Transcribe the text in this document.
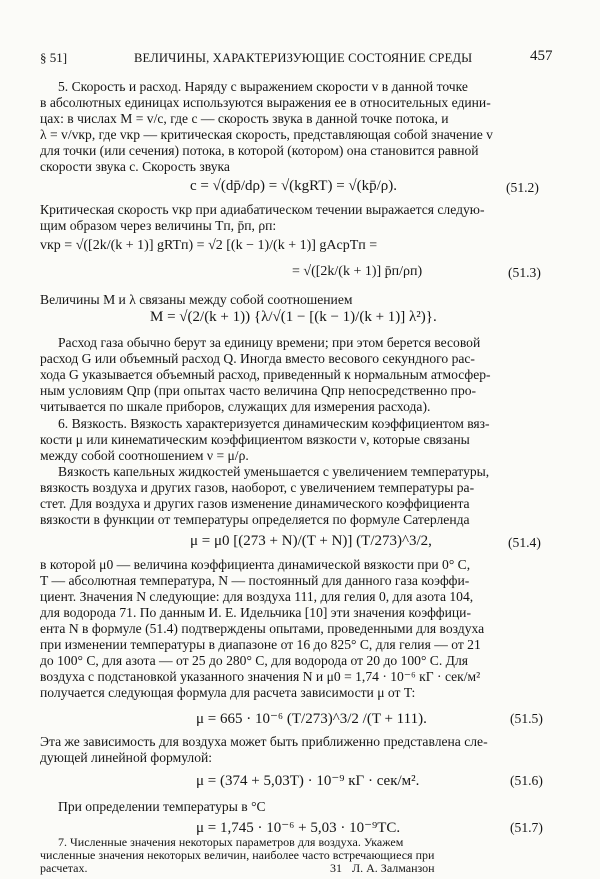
§ 51]	ВЕЛИЧИНЫ, ХАРАКТЕРИЗУЮЩИЕ СОСТОЯНИЕ СРЕДЫ	457
5. Скорость и расход. Наряду с выражением скорости v в данной точке
в абсолютных единицах используются выражения ее в относительных едини-
цах: в числах M = v/c, где c — скорость звука в данной точке потока, и
λ = v/vкр, где vкр — критическая скорость, представляющая собой значение v
для точки (или сечения) потока, в которой (котором) она становится равной
скорости звука c. Скорость звука
c = √(dp̄/dρ) = √(kgRT) = √(kp̄/ρ).	(51.2)
Критическая скорость vкр при адиабатическом течении выражается следую-
щим образом через величины Tп, p̄п, ρп:
vкр = √([2k/(k + 1)] gRTп) = √2 [(k − 1)/(k + 1)] gAcpTп =
= √([2k/(k + 1)] p̄п/ρп)	(51.3)
Величины M и λ связаны между собой соотношением
M = √(2/(k + 1)) {λ/√(1 − [(k − 1)/(k + 1)] λ²)}.
Расход газа обычно берут за единицу времени; при этом берется весовой
расход G или объемный расход Q. Иногда вместо весового секундного рас-
хода G указывается объемный расход, приведенный к нормальным атмосфер-
ным условиям Qпр (при опытах часто величина Qпр непосредственно про-
читывается по шкале приборов, служащих для измерения расхода).
6. Вязкость. Вязкость характеризуется динамическим коэффициентом вяз-
кости μ или кинематическим коэффициентом вязкости ν, которые связаны
между собой соотношением ν = μ/ρ.
Вязкость капельных жидкостей уменьшается с увеличением температуры,
вязкость воздуха и других газов, наоборот, с увеличением температуры ра-
стет. Для воздуха и других газов изменение динамического коэффициента
вязкости в функции от температуры определяется по формуле Сатерленда
μ = μ0 [(273 + N)/(T + N)] (T/273)^3/2,	(51.4)
в которой μ0 — величина коэффициента динамической вязкости при 0° C,
T — абсолютная температура, N — постоянный для данного газа коэффи-
циент. Значения N следующие: для воздуха 111, для гелия 0, для азота 104,
для водорода 71. По данным И. Е. Идельчика [10] эти значения коэффици-
ента N в формуле (51.4) подтверждены опытами, проведенными для воздуха
при изменении температуры в диапазоне от 16 до 825° C, для гелия — от 21
до 100° C, для азота — от 25 до 280° C, для водорода от 20 до 100° C. Для
воздуха с подстановкой указанного значения N и μ0 = 1,74 · 10⁻⁶ кГ · сек/м²
получается следующая формула для расчета зависимости μ от T:
μ = 665 · 10⁻⁶ (T/273)^3/2 /(T + 111).	(51.5)
Эта же зависимость для воздуха может быть приближенно представлена сле-
дующей линейной формулой:
μ = (374 + 5,03T) · 10⁻⁹ кГ · сек/м².	(51.6)
При определении температуры в °C
μ = 1,745 · 10⁻⁶ + 5,03 · 10⁻⁹TC.	(51.7)
7. Численные значения некоторых параметров для воздуха. Укажем
численные значения некоторых величин, наиболее часто встречающиеся при
расчетах.	31 Л. А. Залманзон
